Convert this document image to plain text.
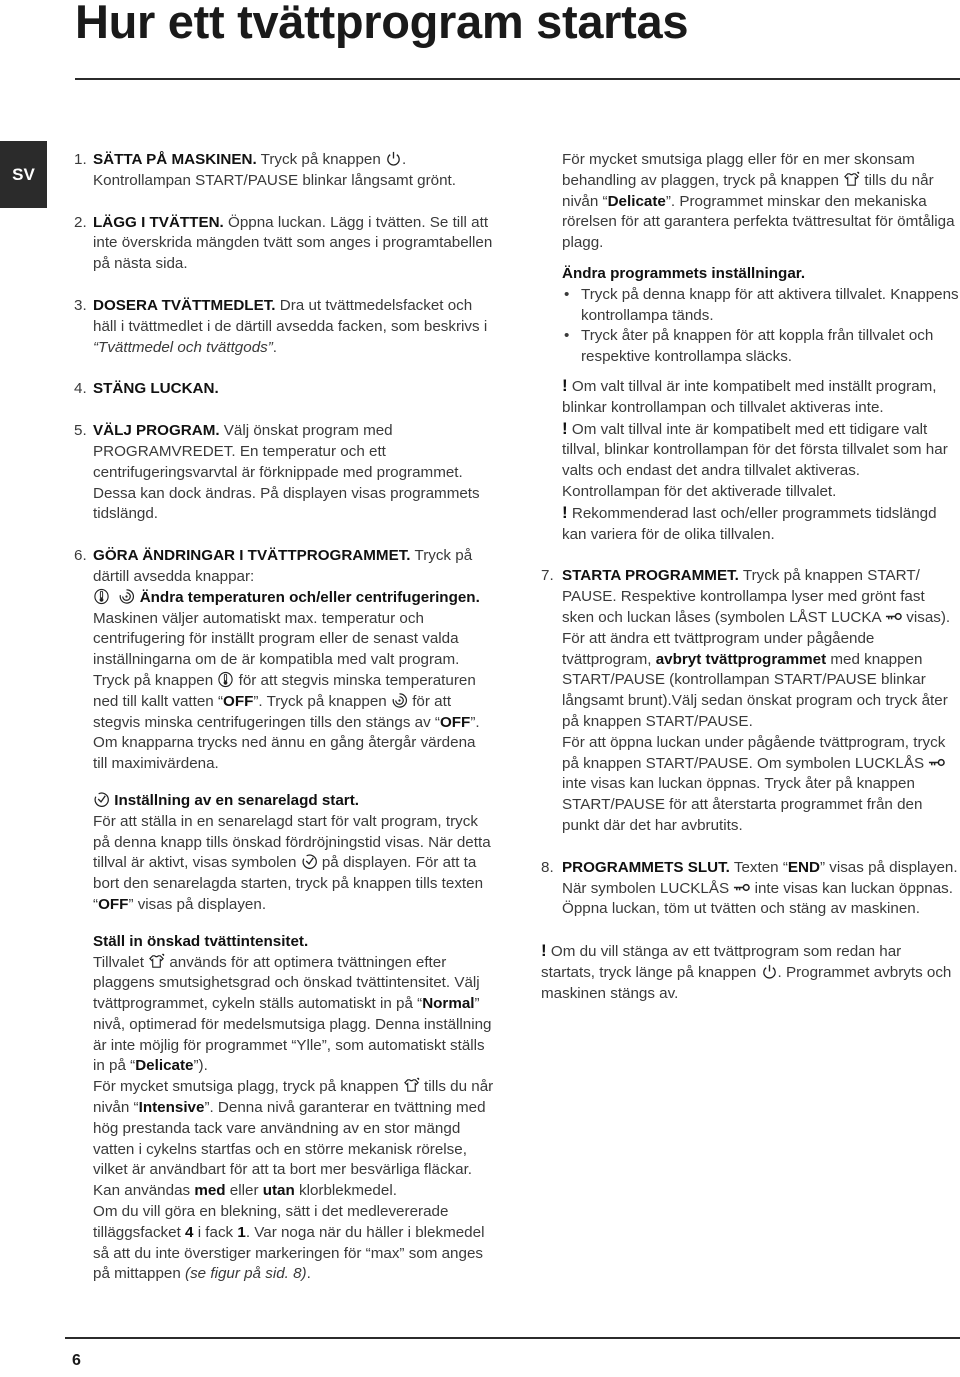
Hur ett tvättprogram startas
SV

1. SÄTTA PÅ MASKINEN. Tryck på knappen
. Kontrollampan START/PAUSE blinkar långsamt grönt.

2. LÄGG I TVÄTTEN. Öppna luckan. Lägg i tvätten. Se till att inte överskrida mängden tvätt som anges i programtabellen på nästa sida.

3. DOSERA TVÄTTMEDLET. Dra ut tvättmedelsfacket och häll i tvättmedlet i de därtill avsedda facken, som beskrivs i “Tvättmedel och tvättgods”.

4. STÄNG LUCKAN.

5. VÄLJ PROGRAM. Välj önskat program med PROGRAMVREDET. En temperatur och ett centrifugeringsvarvtal är förknippade med programmet. Dessa kan dock ändras. På displayen visas programmets tidslängd.

6. GÖRA ÄNDRINGAR I TVÄTTPROGRAMMET. Tryck på därtill avsedda knappar:

Ändra temperaturen och/eller centrifugeringen. Maskinen väljer automatiskt max. temperatur och centrifugering för inställt program eller de senast valda inställningarna om de är kompatibla med valt program. Tryck på knappen
för att stegvis minska temperaturen ned till kallt vatten “OFF”. Tryck på knappen
för att stegvis minska centrifugeringen tills den stängs av “OFF”. Om knapparna trycks ned ännu en gång återgår värdena till maximivärdena.

Inställning av en senarelagd start.

För att ställa in en senarelagd start för valt program, tryck på denna knapp tills önskad fördröjningstid visas. När detta tillval är aktivt, visas symbolen
på displayen. För att ta bort den senarelagda starten, tryck på knappen tills texten “OFF” visas på displayen.

Ställ in önskad tvättintensitet.

Tillvalet
används för att optimera tvättningen efter plaggens smutsighetsgrad och önskad tvättintensitet. Välj tvättprogrammet, cykeln ställs automatiskt in på “Normal” nivå, optimerad för medelsmutsiga plagg. Denna inställning är inte möjlig för programmet “Ylle”, som automatiskt ställs in på “Delicate”).

För mycket smutsiga plagg, tryck på knappen
tills du når nivån “Intensive”. Denna nivå garanterar en tvättning med hög prestanda tack vare användning av en stor mängd vatten i cykelns startfas och en större mekanisk rörelse, vilket är användbart för att ta bort mer besvärliga fläckar. Kan användas med eller utan klorblekmedel.

Om du vill göra en blekning, sätt i det medlevererade tilläggsfacket 4 i fack 1. Var noga när du häller i blekmedel så att du inte överstiger markeringen för “max” som anges på mittappen (se figur på sid. 8).

För mycket smutsiga plagg eller för en mer skonsam behandling av plaggen, tryck på knappen
tills du når nivån “Delicate”. Programmet minskar den mekaniska rörelsen för att garantera perfekta tvättresultat för ömtåliga plagg.

Ändra programmets inställningar.

• Tryck på denna knapp för att aktivera tillvalet. Knappens kontrollampa tänds.

• Tryck åter på knappen för att koppla från tillvalet och respektive kontrollampa släcks.

! Om valt tillval är inte kompatibelt med inställt program, blinkar kontrollampan och tillvalet aktiveras inte.

! Om valt tillval inte är kompatibelt med ett tidigare valt tillval, blinkar kontrollampan för det första tillvalet som har valts och endast det andra tillvalet aktiveras. Kontrollampan för det aktiverade tillvalet.

! Rekommenderad last och/eller programmets tidslängd kan variera för de olika tillvalen.

7. STARTA PROGRAMMET. Tryck på knappen START/ PAUSE. Respektive kontrollampa lyser med grönt fast sken och luckan låses (symbolen LÅST LUCKA
visas). För att ändra ett tvättprogram under pågående tvättprogram, avbryt tvättprogrammet med knappen START/PAUSE (kontrollampan START/PAUSE blinkar långsamt brunt).Välj sedan önskat program och tryck åter på knappen START/PAUSE.

För att öppna luckan under pågående tvättprogram, tryck på knappen START/PAUSE. Om symbolen LUCKLÅS
inte visas kan luckan öppnas. Tryck åter på knappen START/PAUSE för att återstarta programmet från den punkt där det har avbrutits.

8. PROGRAMMETS SLUT. Texten “END” visas på displayen. När symbolen LUCKLÅS
inte visas kan luckan öppnas. Öppna luckan, töm ut tvätten och stäng av maskinen.

! Om du vill stänga av ett tvättprogram som redan har startats, tryck länge på knappen
. Programmet avbryts och maskinen stängs av.

6
